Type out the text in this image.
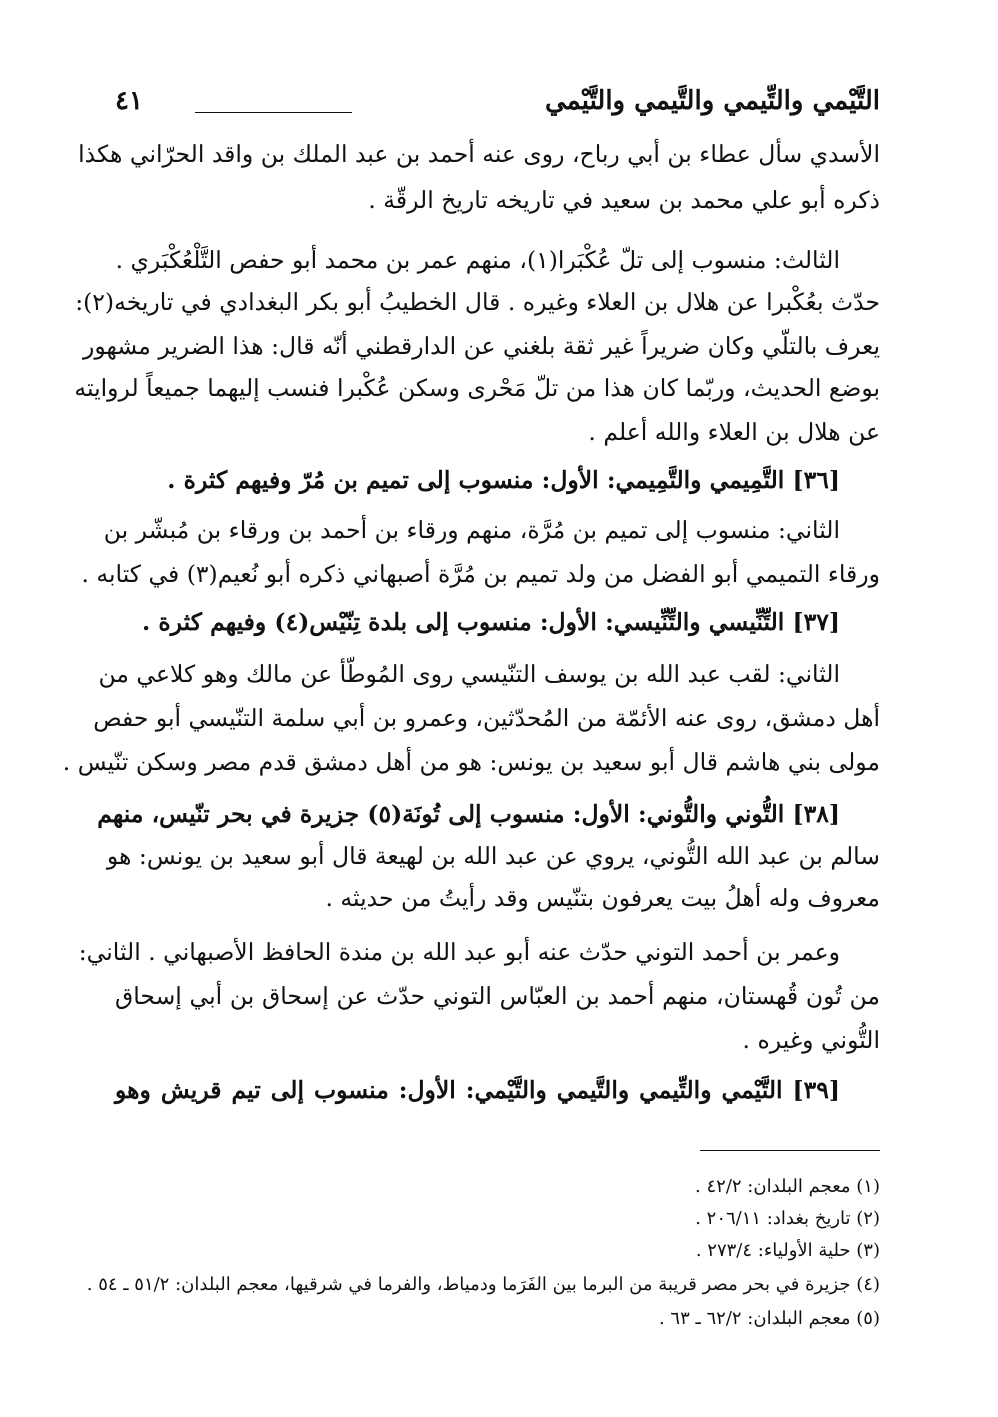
التَّيْمي والتِّيمي والتَّيمي والتَّيْمي
٤١
الأسدي سأل عطاء بن أبي رباح، روى عنه أحمد بن عبد الملك بن واقد الحرّاني هكذا
ذكره أبو علي محمد بن سعيد في تاريخه تاريخ الرقّة .
الثالث: منسوب إلى تلّ عُكْبَرا(١)، منهم عمر بن محمد أبو حفص التَّلْعُكْبَري .
حدّث بعُكْبرا عن هلال بن العلاء وغيره . قال الخطيبُ أبو بكر البغدادي في تاريخه(٢):
يعرف بالتلّي وكان ضريراً غير ثقة بلغني عن الدارقطني أنّه قال: هذا الضرير مشهور
بوضع الحديث، وربّما كان هذا من تلّ مَحْرى وسكن عُكْبرا فنسب إليهما جميعاً لروايته
عن هلال بن العلاء والله أعلم .
[٣٦] التَّمِيمي والتَّمِيمي: الأول: منسوب إلى تميم بن مُرّ وفيهم كثرة .
الثاني: منسوب إلى تميم بن مُرَّة، منهم ورقاء بن أحمد بن ورقاء بن مُبشّر بن
ورقاء التميمي أبو الفضل من ولد تميم بن مُرَّة أصبهاني ذكره أبو نُعيم(٣) في كتابه .
[٣٧] التِّنِّيسي والتِّنِّيسي: الأول: منسوب إلى بلدة تِنّيْس(٤) وفيهم كثرة .
الثاني: لقب عبد الله بن يوسف التنّيسي روى المُوطّأ عن مالك وهو كلاعي من
أهل دمشق، روى عنه الأئمّة من المُحدّثين، وعمرو بن أبي سلمة التنّيسي أبو حفص
مولى بني هاشم قال أبو سعيد بن يونس: هو من أهل دمشق قدم مصر وسكن تنّيس .
[٣٨] التُّوني والتُّوني: الأول: منسوب إلى تُونَة(٥) جزيرة في بحر تنّيس، منهم
سالم بن عبد الله التُّوني، يروي عن عبد الله بن لهيعة قال أبو سعيد بن يونس: هو
معروف وله أهلُ بيت يعرفون بتنّيس وقد رأيتُ من حديثه .
وعمر بن أحمد التوني حدّث عنه أبو عبد الله بن مندة الحافظ الأصبهاني . الثاني:
من تُون قُهستان، منهم أحمد بن العبّاس التوني حدّث عن إسحاق بن أبي إسحاق
التُّوني وغيره .
[٣٩] التَّيْمي والتِّيمي والتَّيمي والتَّيْمي: الأول: منسوب إلى تيم قريش وهو
(١) معجم البلدان: ٤٢/٢ .
(٢) تاريخ بغداد: ٢٠٦/١١ .
(٣) حلية الأولياء: ٢٧٣/٤ .
(٤) جزيرة في بحر مصر قريبة من البرما بين الفَرَما ودمياط، والفرما في شرقيها، معجم البلدان: ٥١/٢ ـ ٥٤ .
(٥) معجم البلدان: ٦٢/٢ ـ ٦٣ .
